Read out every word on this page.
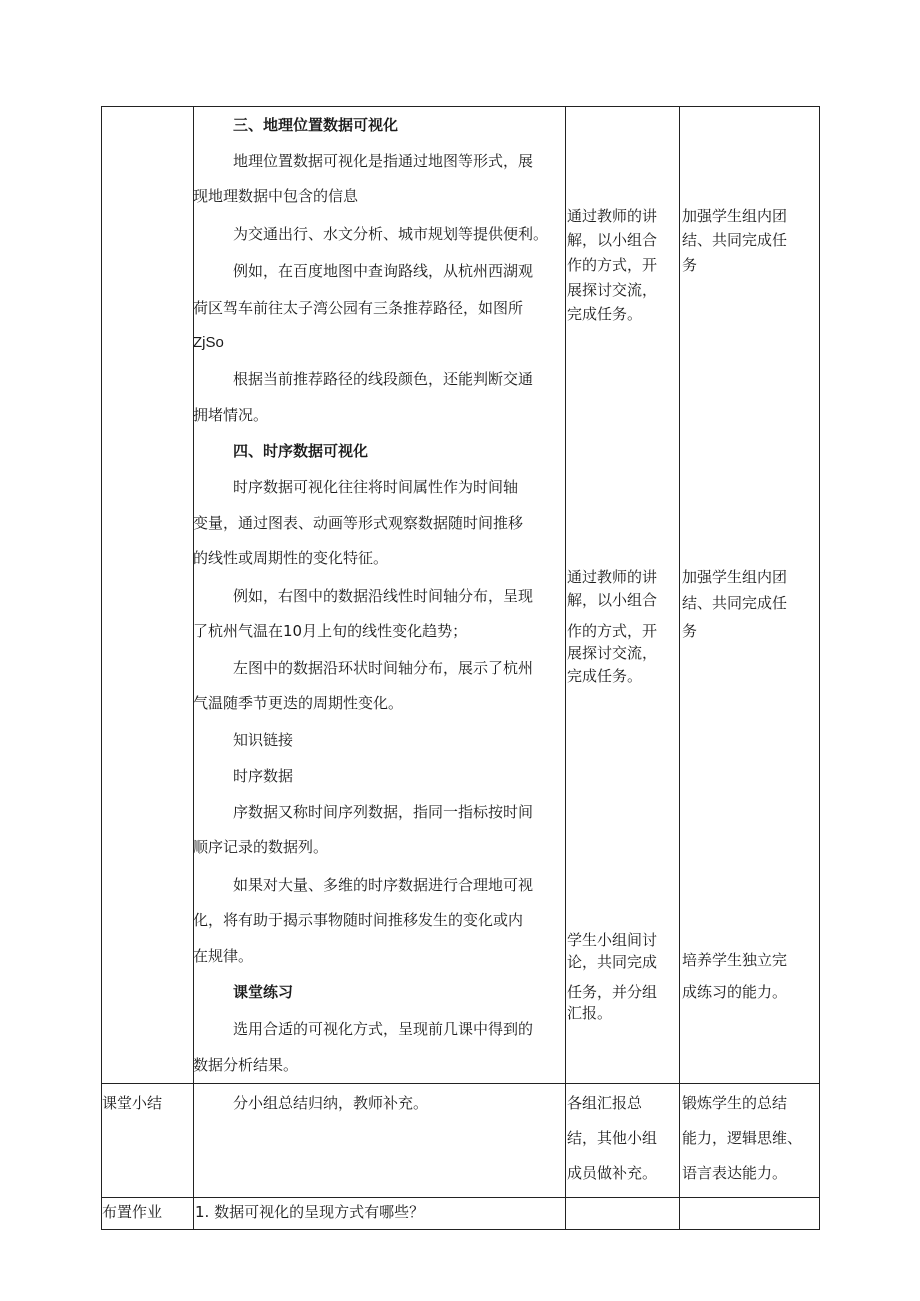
三、地理位置数据可视化
地理位置数据可视化是指通过地图等形式，展
现地理数据中包含的信息
为交通出行、水文分析、城市规划等提供便利。
例如，在百度地图中查询路线，从杭州西湖观
荷区驾车前往太子湾公园有三条推荐路径，如图所
ZjSo
根据当前推荐路径的线段颜色，还能判断交通
拥堵情况。
四、时序数据可视化
时序数据可视化往往将时间属性作为时间轴
变量，通过图表、动画等形式观察数据随时间推移
的线性或周期性的变化特征。
例如，右图中的数据沿线性时间轴分布，呈现
了杭州气温在10月上旬的线性变化趋势；
左图中的数据沿环状时间轴分布，展示了杭州
气温随季节更迭的周期性变化。
知识链接
时序数据
序数据又称时间序列数据，指同一指标按时间
顺序记录的数据列。
如果对大量、多维的时序数据进行合理地可视
化，将有助于揭示事物随时间推移发生的变化或内
在规律。
课堂练习
选用合适的可视化方式，呈现前几课中得到的
数据分析结果。
通过教师的讲
解，以小组合
作的方式，开
展探讨交流，
完成任务。
通过教师的讲
解，以小组合
作的方式，开
展探讨交流，
完成任务。
学生小组间讨
论，共同完成
任务，并分组
汇报。
加强学生组内团
结、共同完成任
务
加强学生组内团
结、共同完成任
务
培养学生独立完
成练习的能力。
课堂小结	分小组总结归纳，教师补充。	各组汇报总
结，其他小组
成员做补充。
锻炼学生的总结
能力，逻辑思维、
语言表达能力。
布置作业 1. 数据可视化的呈现方式有哪些？
